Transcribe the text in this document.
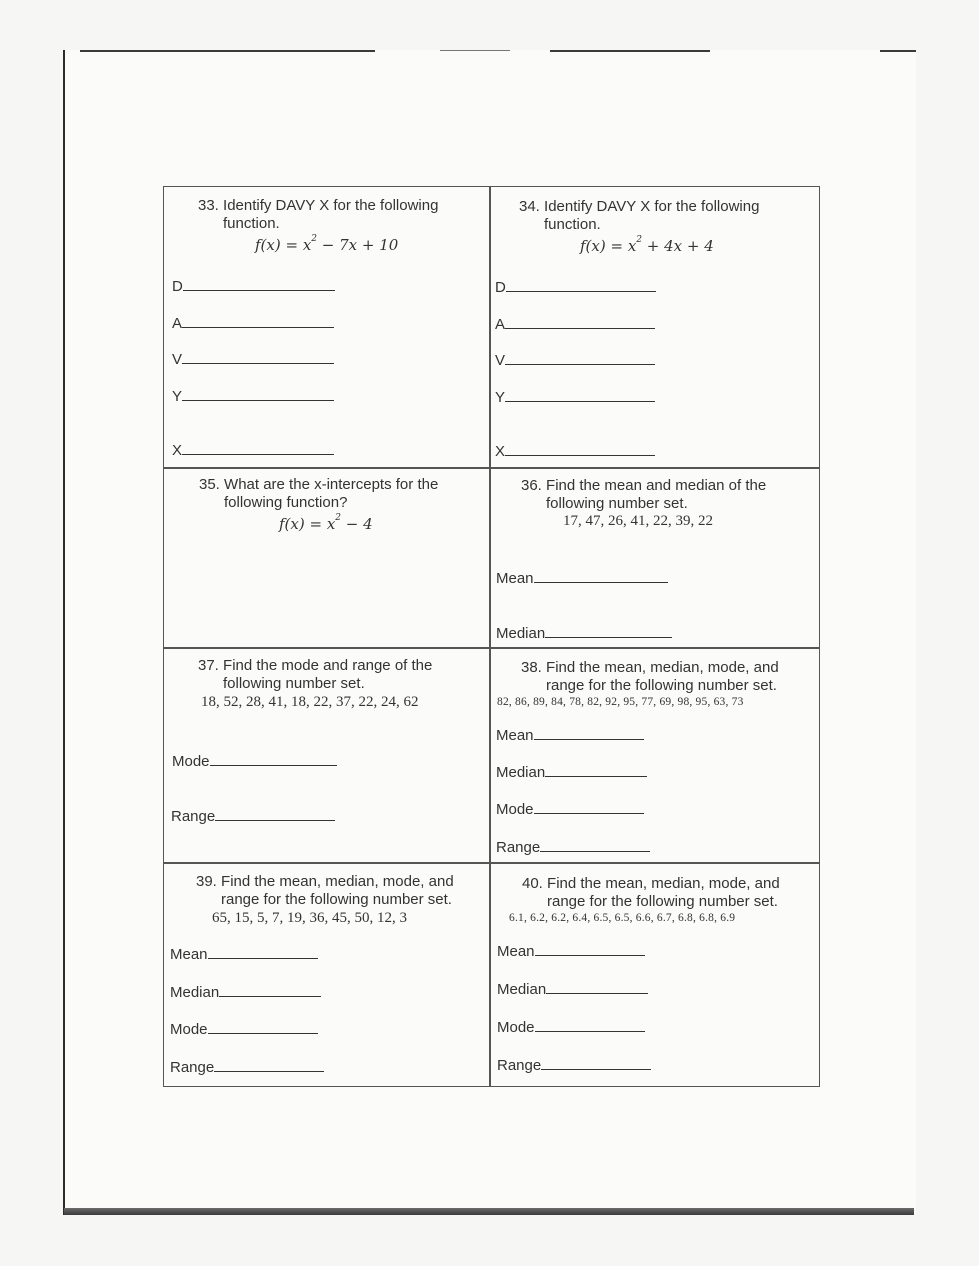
33. Identify DAVY X for the following
function.
$f(x) = x^2 - 7x + 10$
D
A
V
Y
X
34. Identify DAVY X for the following
function.
$f(x) = x^2 + 4x + 4$
D
A
V
Y
X
35. What are the x-intercepts for the
following function?
$f(x) = x^2 - 4$
36. Find the mean and median of the
following number set.
17, 47, 26, 41, 22, 39, 22
Mean
Median
37. Find the mode and range of the
following number set.
18, 52, 28, 41, 18, 22, 37, 22, 24, 62
Mode
Range
38. Find the mean, median, mode, and
range for the following number set.
82, 86, 89, 84, 78, 82, 92, 95, 77, 69, 98, 95, 63, 73
Mean
Median
Mode
Range
39. Find the mean, median, mode, and
range for the following number set.
65, 15, 5, 7, 19, 36, 45, 50, 12, 3
Mean
Median
Mode
Range
40. Find the mean, median, mode, and
range for the following number set.
6.1, 6.2, 6.2, 6.4, 6.5, 6.5, 6.6, 6.7, 6.8, 6.8, 6.9
Mean
Median
Mode
Range
